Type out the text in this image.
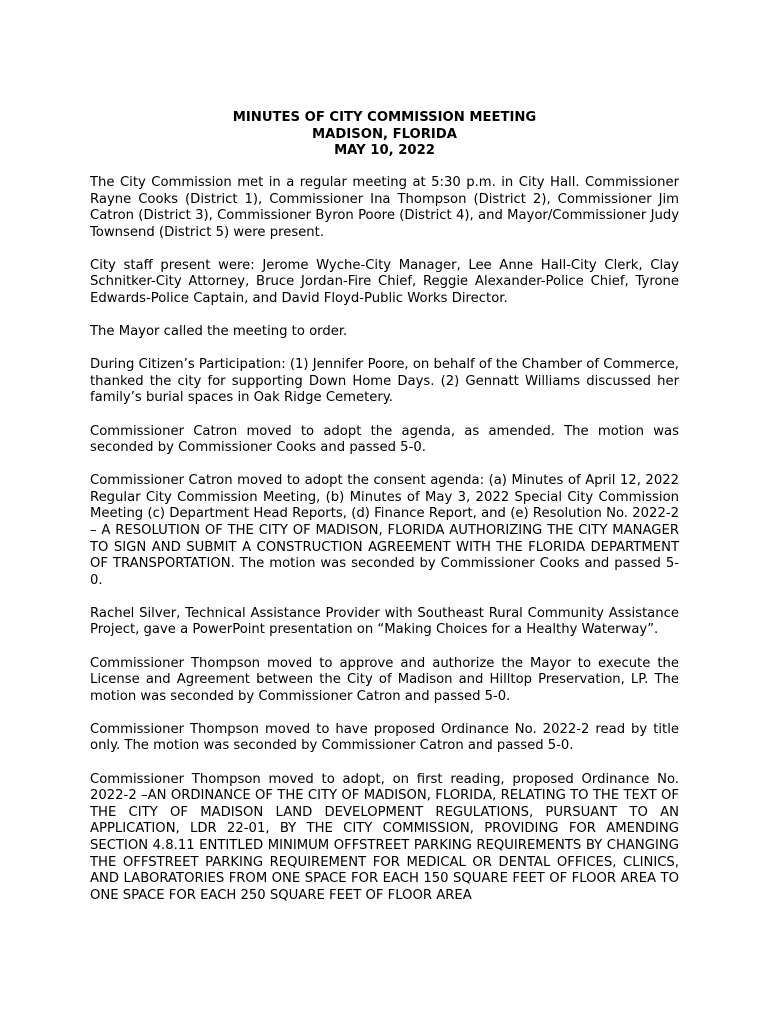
MINUTES OF CITY COMMISSION MEETING
MADISON, FLORIDA
MAY 10, 2022

The City Commission met in a regular meeting at 5:30 p.m. in City Hall. Commissioner Rayne Cooks (District 1), Commissioner Ina Thompson (District 2), Commissioner Jim Catron (District 3), Commissioner Byron Poore (District 4), and Mayor/Commissioner Judy Townsend (District 5) were present.

City staff present were: Jerome Wyche-City Manager, Lee Anne Hall-City Clerk, Clay Schnitker-City Attorney, Bruce Jordan-Fire Chief, Reggie Alexander-Police Chief, Tyrone Edwards-Police Captain, and David Floyd-Public Works Director.

The Mayor called the meeting to order.

During Citizen’s Participation: (1) Jennifer Poore, on behalf of the Chamber of Commerce, thanked the city for supporting Down Home Days. (2) Gennatt Williams discussed her family’s burial spaces in Oak Ridge Cemetery.

Commissioner Catron moved to adopt the agenda, as amended. The motion was seconded by Commissioner Cooks and passed 5-0.

Commissioner Catron moved to adopt the consent agenda: (a) Minutes of April 12, 2022 Regular City Commission Meeting, (b) Minutes of May 3, 2022 Special City Commission Meeting (c) Department Head Reports, (d) Finance Report, and (e) Resolution No. 2022-2 – A RESOLUTION OF THE CITY OF MADISON, FLORIDA AUTHORIZING THE CITY MANAGER TO SIGN AND SUBMIT A CONSTRUCTION AGREEMENT WITH THE FLORIDA DEPARTMENT OF TRANSPORTATION. The motion was seconded by Commissioner Cooks and passed 5-0.

Rachel Silver, Technical Assistance Provider with Southeast Rural Community Assistance Project, gave a PowerPoint presentation on “Making Choices for a Healthy Waterway”.

Commissioner Thompson moved to approve and authorize the Mayor to execute the License and Agreement between the City of Madison and Hilltop Preservation, LP. The motion was seconded by Commissioner Catron and passed 5-0.

Commissioner Thompson moved to have proposed Ordinance No. 2022-2 read by title only. The motion was seconded by Commissioner Catron and passed 5-0.

Commissioner Thompson moved to adopt, on first reading, proposed Ordinance No. 2022-2 –AN ORDINANCE OF THE CITY OF MADISON, FLORIDA, RELATING TO THE TEXT OF THE CITY OF MADISON LAND DEVELOPMENT REGULATIONS, PURSUANT TO AN APPLICATION, LDR 22-01, BY THE CITY COMMISSION, PROVIDING FOR AMENDING SECTION 4.8.11 ENTITLED MINIMUM OFFSTREET PARKING REQUIREMENTS BY CHANGING THE OFFSTREET PARKING REQUIREMENT FOR MEDICAL OR DENTAL OFFICES, CLINICS, AND LABORATORIES FROM ONE SPACE FOR EACH 150 SQUARE FEET OF FLOOR AREA TO ONE SPACE FOR EACH 250 SQUARE FEET OF FLOOR AREA
